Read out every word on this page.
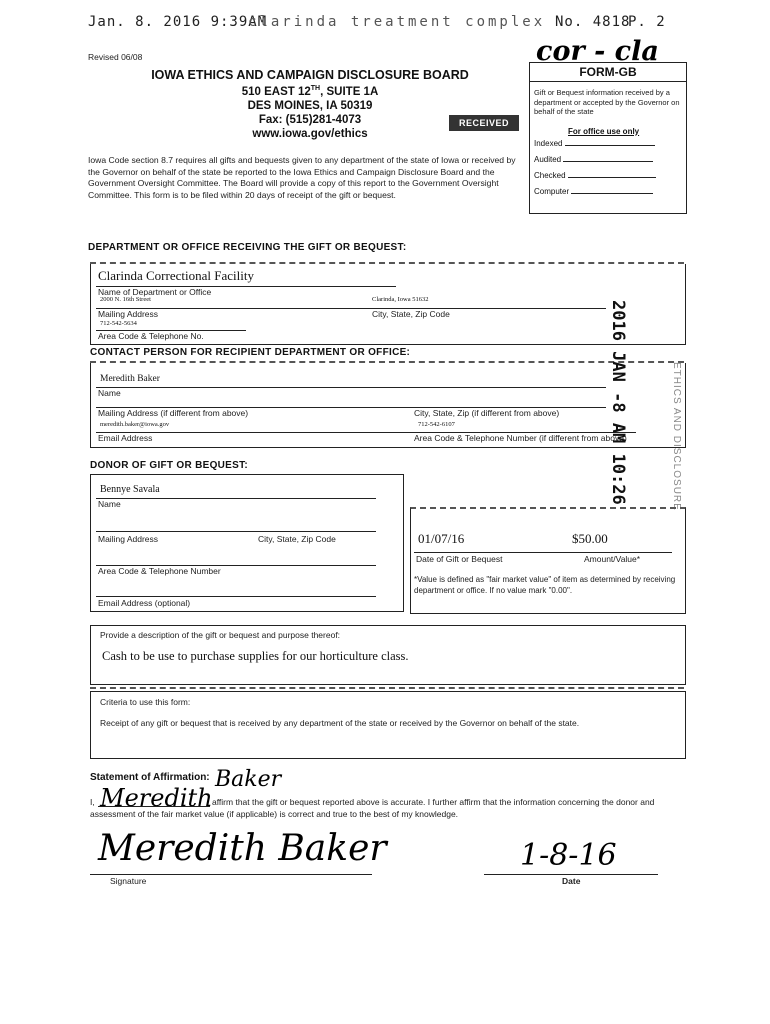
Jan. 8. 2016 9:39AM
clarinda treatment complex No. 4818
P. 2
cor - cla
Revised 06/08
IOWA ETHICS AND CAMPAIGN DISCLOSURE BOARD
510 EAST 12TH, SUITE 1A
DES MOINES, IA 50319
Fax: (515)281-4073
www.iowa.gov/ethics
RECEIVED
Iowa Code section 8.7 requires all gifts and bequests given to any department of the state of Iowa or received by the Governor on behalf of the state be reported to the Iowa Ethics and Campaign Disclosure Board and the Government Oversight Committee. The Board will provide a copy of this report to the Government Oversight Committee. This form is to be filed within 20 days of receipt of the gift or bequest.
FORM-GB
Gift or Bequest information received by a department or accepted by the Governor on behalf of the state
For office use only
Indexed
Audited
Checked
Computer
DEPARTMENT OR OFFICE RECEIVING THE GIFT OR BEQUEST:
Clarinda Correctional Facility
Name of Department or Office
2000 N. 16th Street	Clarinda, Iowa 51632
Mailing Address	City, State, Zip Code
712-542-5634
Area Code & Telephone No.
CONTACT PERSON FOR RECIPIENT DEPARTMENT OR OFFICE:
Meredith Baker
Name
Mailing Address (if different from above)	City, State, Zip (if different from above)
meredith.baker@iowa.gov	712-542-6107
Email Address	Area Code & Telephone Number (if different from above)
2016 JAN -8 AM 10:26	ETHICS AND DISCLOSURE
DONOR OF GIFT OR BEQUEST:
Bennye Savala
Name
Mailing Address	City, State, Zip Code
Area Code & Telephone Number
Email Address (optional)
01/07/16	$50.00
Date of Gift or Bequest	Amount/Value*
*Value is defined as "fair market value" of item as determined by receiving department or office. If no value mark "0.00".
Provide a description of the gift or bequest and purpose thereof:
Cash to be use to purchase supplies for our horticulture class.
Criteria to use this form:
Receipt of any gift or bequest that is received by any department of the state or received by the Governor on behalf of the state.
Statement of Affirmation: Baker
I, Meredith affirm that the gift or bequest reported above is accurate. I further affirm that the information concerning the donor and
assessment of the fair market value (if applicable) is correct and true to the best of my knowledge.
Meredith Baker
Signature
1-8-16
Date
